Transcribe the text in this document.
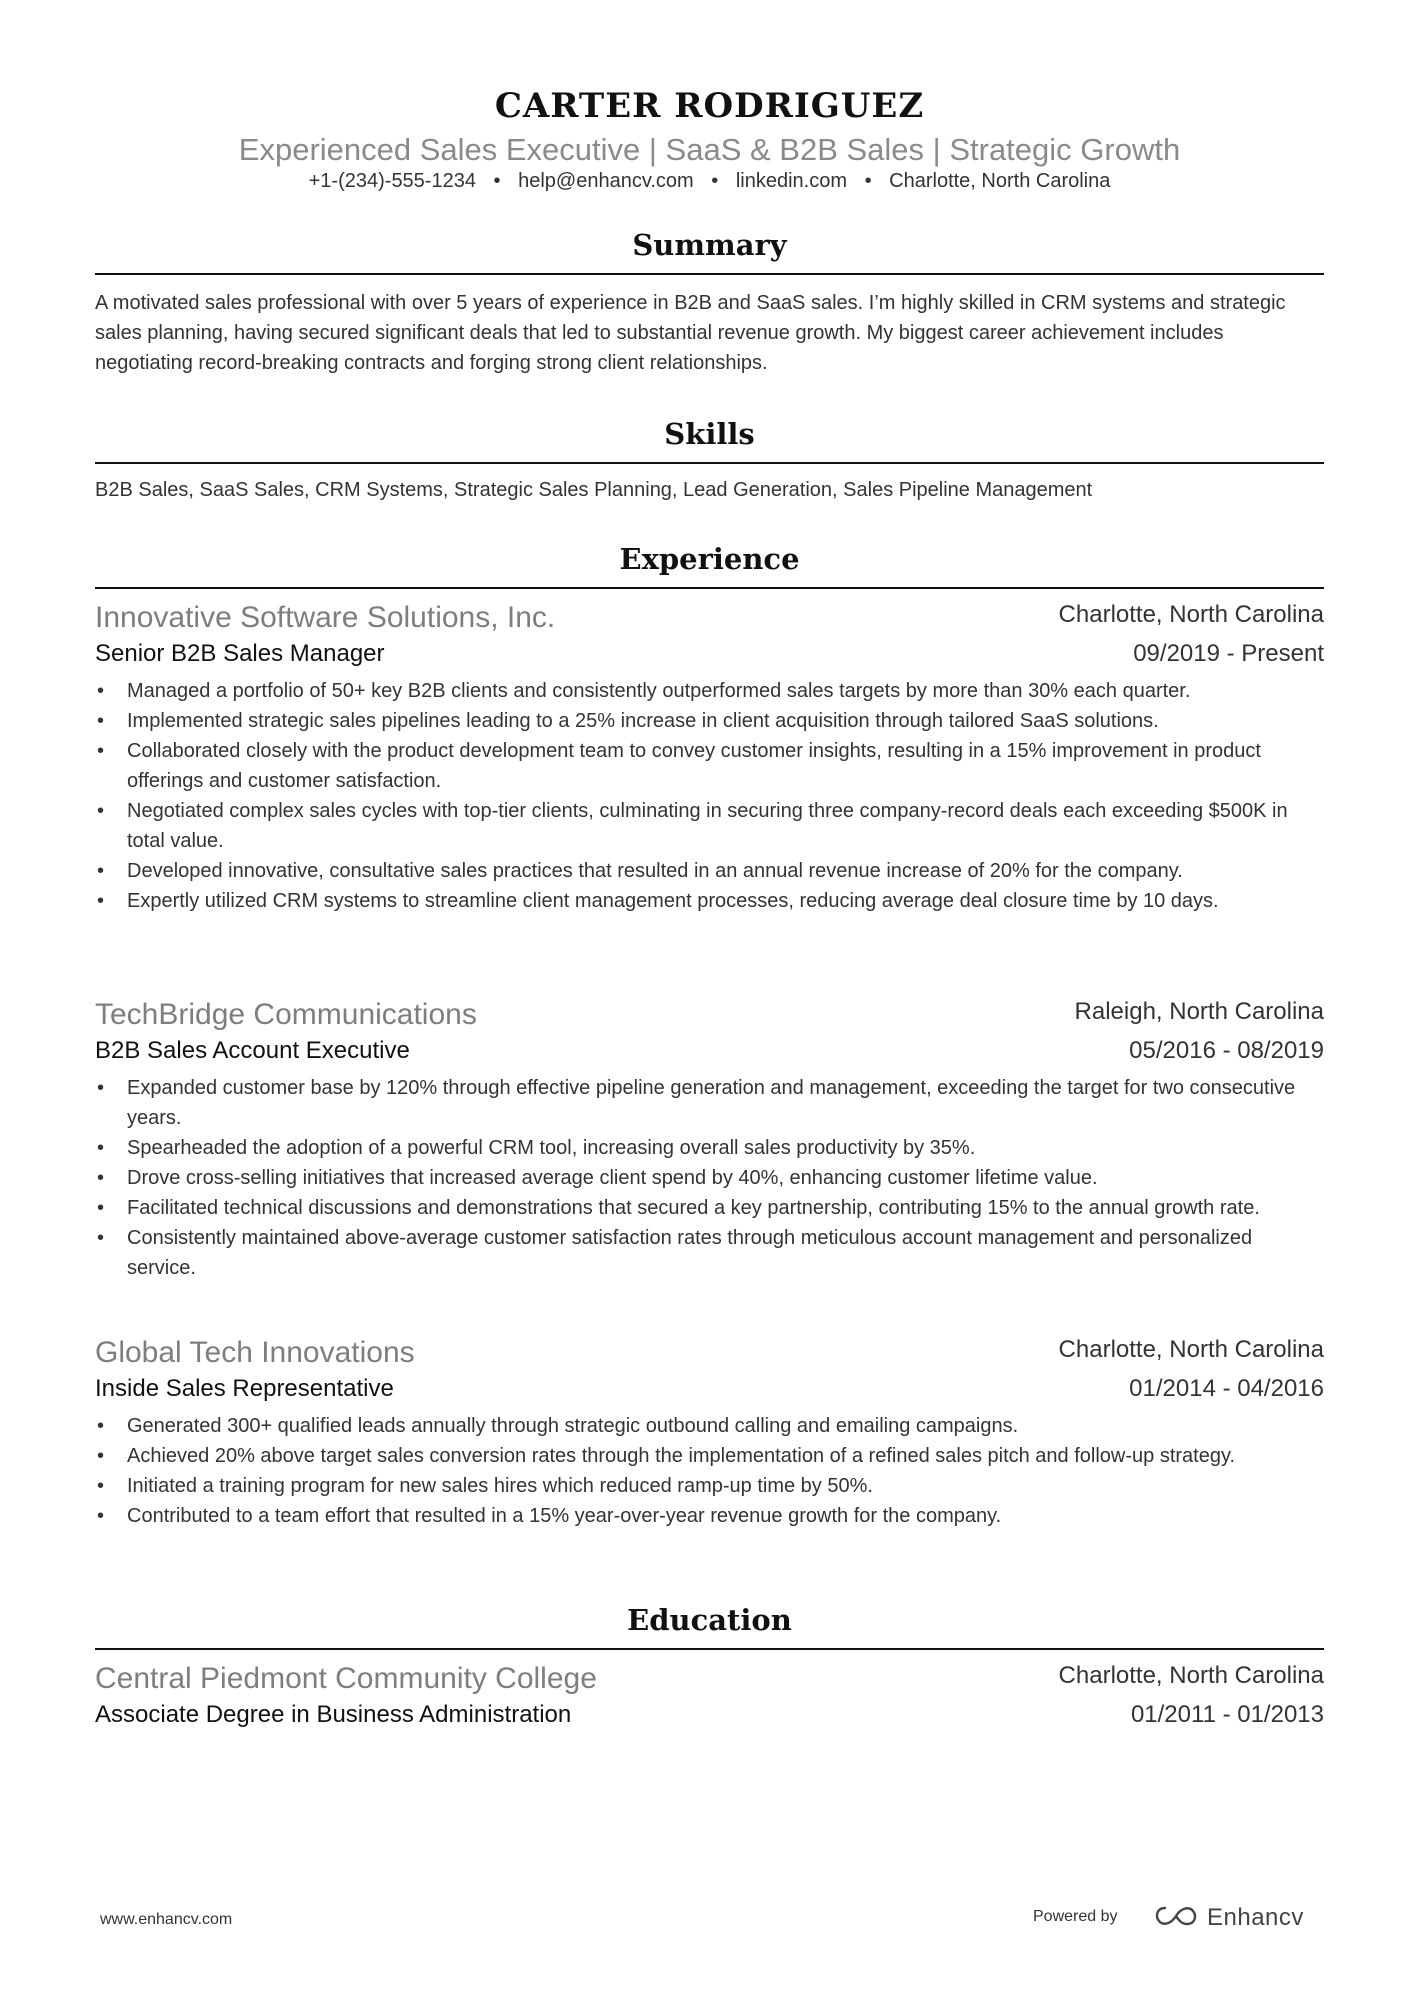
CARTER RODRIGUEZ
Experienced Sales Executive | SaaS & B2B Sales | Strategic Growth
+1-(234)-555-1234 • help@enhancv.com • linkedin.com • Charlotte, North Carolina
Summary
A motivated sales professional with over 5 years of experience in B2B and SaaS sales. I’m highly skilled in CRM systems and strategic sales planning, having secured significant deals that led to substantial revenue growth. My biggest career achievement includes negotiating record-breaking contracts and forging strong client relationships.
Skills
B2B Sales, SaaS Sales, CRM Systems, Strategic Sales Planning, Lead Generation, Sales Pipeline Management
Experience
Innovative Software Solutions, Inc.	Charlotte, North Carolina
Senior B2B Sales Manager	09/2019 - Present
• Managed a portfolio of 50+ key B2B clients and consistently outperformed sales targets by more than 30% each quarter.
• Implemented strategic sales pipelines leading to a 25% increase in client acquisition through tailored SaaS solutions.
• Collaborated closely with the product development team to convey customer insights, resulting in a 15% improvement in product offerings and customer satisfaction.
• Negotiated complex sales cycles with top-tier clients, culminating in securing three company-record deals each exceeding $500K in total value.
• Developed innovative, consultative sales practices that resulted in an annual revenue increase of 20% for the company.
• Expertly utilized CRM systems to streamline client management processes, reducing average deal closure time by 10 days.
TechBridge Communications	Raleigh, North Carolina
B2B Sales Account Executive	05/2016 - 08/2019
• Expanded customer base by 120% through effective pipeline generation and management, exceeding the target for two consecutive years.
• Spearheaded the adoption of a powerful CRM tool, increasing overall sales productivity by 35%.
• Drove cross-selling initiatives that increased average client spend by 40%, enhancing customer lifetime value.
• Facilitated technical discussions and demonstrations that secured a key partnership, contributing 15% to the annual growth rate.
• Consistently maintained above-average customer satisfaction rates through meticulous account management and personalized service.
Global Tech Innovations	Charlotte, North Carolina
Inside Sales Representative	01/2014 - 04/2016
• Generated 300+ qualified leads annually through strategic outbound calling and emailing campaigns.
• Achieved 20% above target sales conversion rates through the implementation of a refined sales pitch and follow-up strategy.
• Initiated a training program for new sales hires which reduced ramp-up time by 50%.
• Contributed to a team effort that resulted in a 15% year-over-year revenue growth for the company.
Education
Central Piedmont Community College	Charlotte, North Carolina
Associate Degree in Business Administration	01/2011 - 01/2013
www.enhancv.com	Powered by	Enhancv
